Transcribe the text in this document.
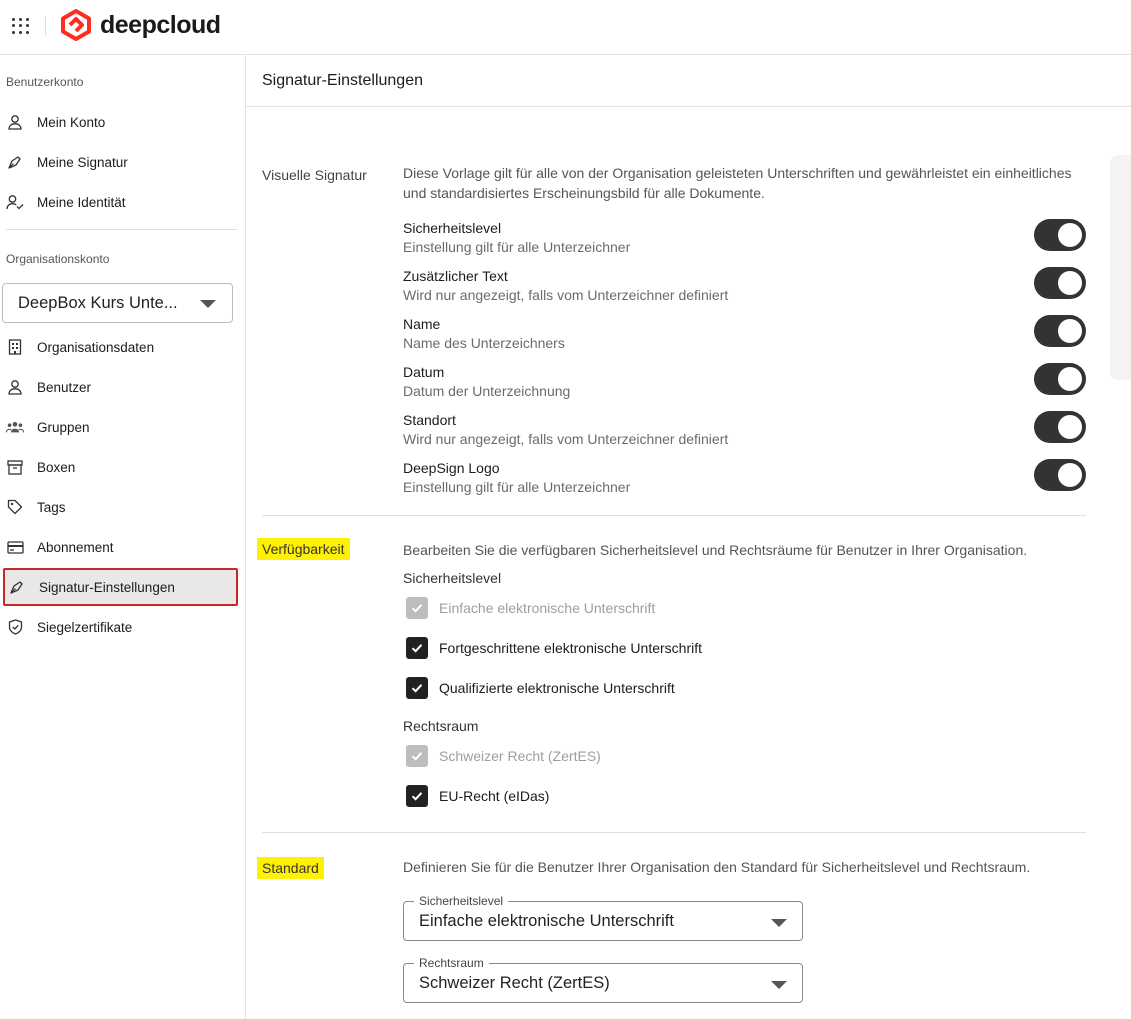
deepcloud
Benutzerkonto
Mein Konto
Meine Signatur
Meine Identität
Organisationskonto
DeepBox Kurs Unte...
Organisationsdaten
Benutzer
Gruppen
Boxen
Tags
Abonnement
Signatur-Einstellungen
Siegelzertifikate
Signatur-Einstellungen
Visuelle Signatur	Diese Vorlage gilt für alle von der Organisation geleisteten Unterschriften und gewährleistet ein einheitliches und standardisiertes Erscheinungsbild für alle Dokumente.
Sicherheitslevel
Einstellung gilt für alle Unterzeichner
Zusätzlicher Text
Wird nur angezeigt, falls vom Unterzeichner definiert
Name
Name des Unterzeichners
Datum
Datum der Unterzeichnung
Standort
Wird nur angezeigt, falls vom Unterzeichner definiert
DeepSign Logo
Einstellung gilt für alle Unterzeichner
Verfügbarkeit	Bearbeiten Sie die verfügbaren Sicherheitslevel und Rechtsräume für Benutzer in Ihrer Organisation.
Sicherheitslevel
Einfache elektronische Unterschrift
Fortgeschrittene elektronische Unterschrift
Qualifizierte elektronische Unterschrift
Rechtsraum
Schweizer Recht (ZertES)
EU-Recht (eIDas)
Standard	Definieren Sie für die Benutzer Ihrer Organisation den Standard für Sicherheitslevel und Rechtsraum.
Sicherheitslevel
Einfache elektronische Unterschrift
Rechtsraum
Schweizer Recht (ZertES)
